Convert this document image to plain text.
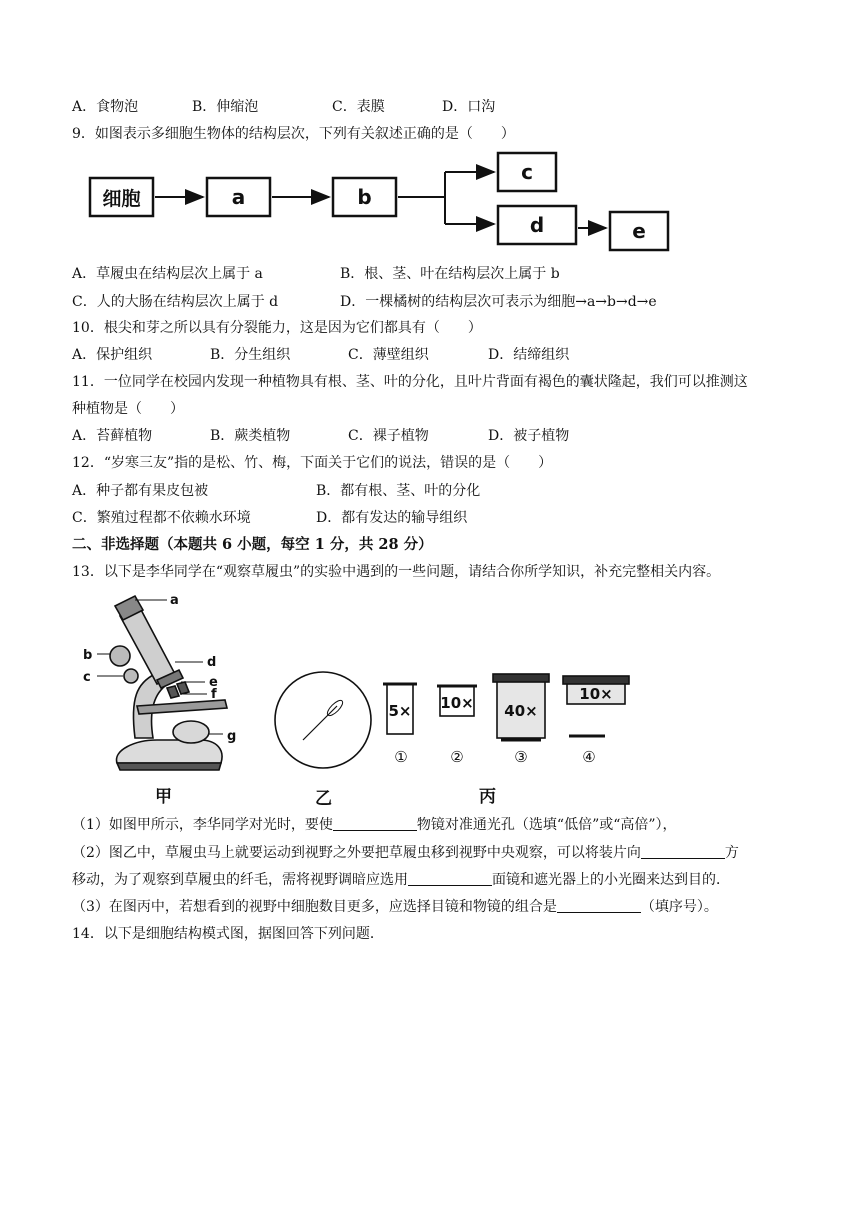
A．食物泡	B．伸缩泡	C．表膜	D．口沟
9．如图表示多细胞生物体的结构层次，下列有关叙述正确的是（　　）
细胞	a	b
c
d	e
A．草履虫在结构层次上属于 a	B．根、茎、叶在结构层次上属于 b
C．人的大肠在结构层次上属于 d	D．一棵橘树的结构层次可表示为细胞→a→b→d→e
10．根尖和芽之所以具有分裂能力，这是因为它们都具有（　　）
A．保护组织	B．分生组织	C．薄壁组织	D．结缔组织
11．一位同学在校园内发现一种植物具有根、茎、叶的分化，且叶片背面有褐色的囊状隆起，我们可以推测这
种植物是（　　）
A．苔藓植物	B．蕨类植物	C．裸子植物	D．被子植物
12．“岁寒三友”指的是松、竹、梅，下面关于它们的说法，错误的是（　　）
A．种子都有果皮包被	B．都有根、茎、叶的分化
C．繁殖过程都不依赖水环境	D．都有发达的输导组织
二、非选择题（本题共 6 小题，每空 1 分，共 28 分）
13．以下是李华同学在“观察草履虫”的实验中遇到的一些问题，请结合你所学知识，补充完整相关内容。
a
b
c
d
e
f
g
甲	乙
5× 10× 40×
10×
①	②	③	④
丙
（1）如图甲所示，李华同学对光时，要使	物镜对准通光孔（选填“低倍”或“高倍”），
（2）图乙中，草履虫马上就要运动到视野之外要把草履虫移到视野中央观察，可以将装片向	方
移动，为了观察到草履虫的纤毛，需将视野调暗应选用	面镜和遮光器上的小光圈来达到目的．
（3）在图丙中，若想看到的视野中细胞数目更多，应选择目镜和物镜的组合是	（填序号）。
14．以下是细胞结构模式图，据图回答下列问题．
